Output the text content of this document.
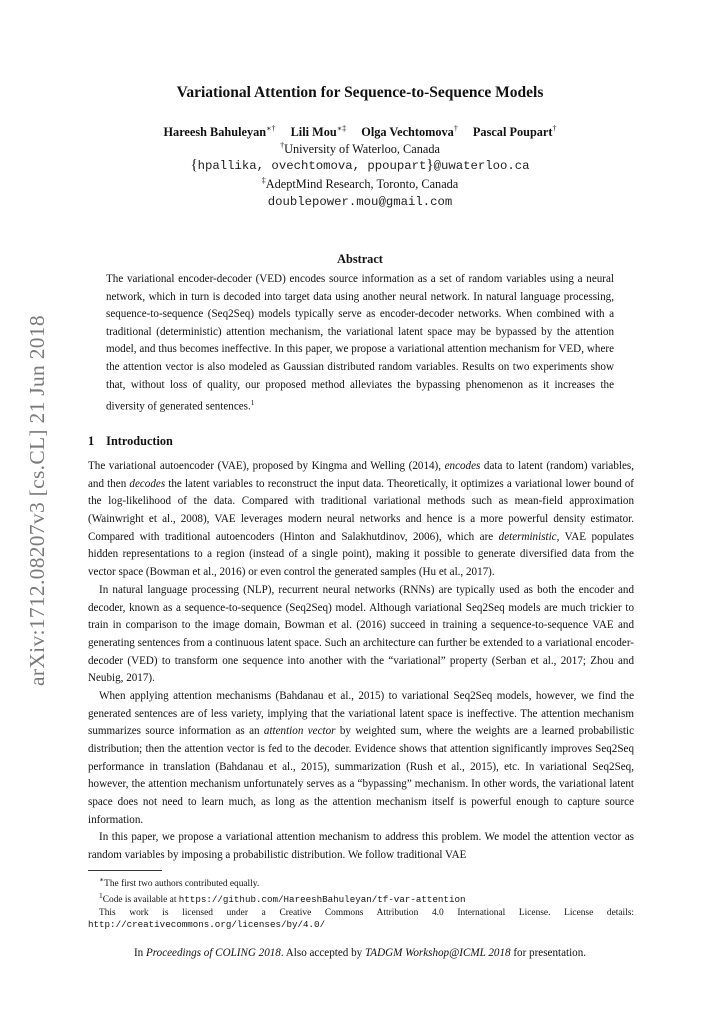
arXiv:1712.08207v3 [cs.CL] 21 Jun 2018
Variational Attention for Sequence-to-Sequence Models
Hareesh Bahuleyan∗† Lili Mou∗‡ Olga Vechtomova† Pascal Poupart†
†University of Waterloo, Canada
{hpallika, ovechtomova, ppoupart}@uwaterloo.ca
‡AdeptMind Research, Toronto, Canada
doublepower.mou@gmail.com
Abstract
The variational encoder-decoder (VED) encodes source information as a set of random variables using a neural network, which in turn is decoded into target data using another neural network. In natural language processing, sequence-to-sequence (Seq2Seq) models typically serve as encoder-decoder networks. When combined with a traditional (deterministic) attention mechanism, the variational latent space may be bypassed by the attention model, and thus becomes ineffective. In this paper, we propose a variational attention mechanism for VED, where the attention vector is also modeled as Gaussian distributed random variables. Results on two experiments show that, without loss of quality, our proposed method alleviates the bypassing phenomenon as it increases the diversity of generated sentences.$^1$
1 Introduction

The variational autoencoder (VAE), proposed by Kingma and Welling (2014), encodes data to latent (random) variables, and then decodes the latent variables to reconstruct the input data. Theoretically, it optimizes a variational lower bound of the log-likelihood of the data. Compared with traditional variational methods such as mean-field approximation (Wainwright et al., 2008), VAE leverages modern neural networks and hence is a more powerful density estimator. Compared with traditional autoencoders (Hinton and Salakhutdinov, 2006), which are deterministic, VAE populates hidden representations to a region (instead of a single point), making it possible to generate diversified data from the vector space (Bowman et al., 2016) or even control the generated samples (Hu et al., 2017).

In natural language processing (NLP), recurrent neural networks (RNNs) are typically used as both the encoder and decoder, known as a sequence-to-sequence (Seq2Seq) model. Although variational Seq2Seq models are much trickier to train in comparison to the image domain, Bowman et al. (2016) succeed in training a sequence-to-sequence VAE and generating sentences from a continuous latent space. Such an architecture can further be extended to a variational encoder-decoder (VED) to transform one sequence into another with the “variational” property (Serban et al., 2017; Zhou and Neubig, 2017).

When applying attention mechanisms (Bahdanau et al., 2015) to variational Seq2Seq models, however, we find the generated sentences are of less variety, implying that the variational latent space is ineffective. The attention mechanism summarizes source information as an attention vector by weighted sum, where the weights are a learned probabilistic distribution; then the attention vector is fed to the decoder. Evidence shows that attention significantly improves Seq2Seq performance in translation (Bahdanau et al., 2015), summarization (Rush et al., 2015), etc. In variational Seq2Seq, however, the attention mechanism unfortunately serves as a “bypassing” mechanism. In other words, the variational latent space does not need to learn much, as long as the attention mechanism itself is powerful enough to capture source information.

In this paper, we propose a variational attention mechanism to address this problem. We model the attention vector as random variables by imposing a probabilistic distribution. We follow traditional VAE

∗The first two authors contributed equally.

$^1$Code is available at https://github.com/HareeshBahuleyan/tf-var-attention

This work is licensed under a Creative Commons Attribution 4.0 International License. License details: http://creativecommons.org/licenses/by/4.0/

In Proceedings of COLING 2018. Also accepted by TADGM Workshop@ICML 2018 for presentation.
